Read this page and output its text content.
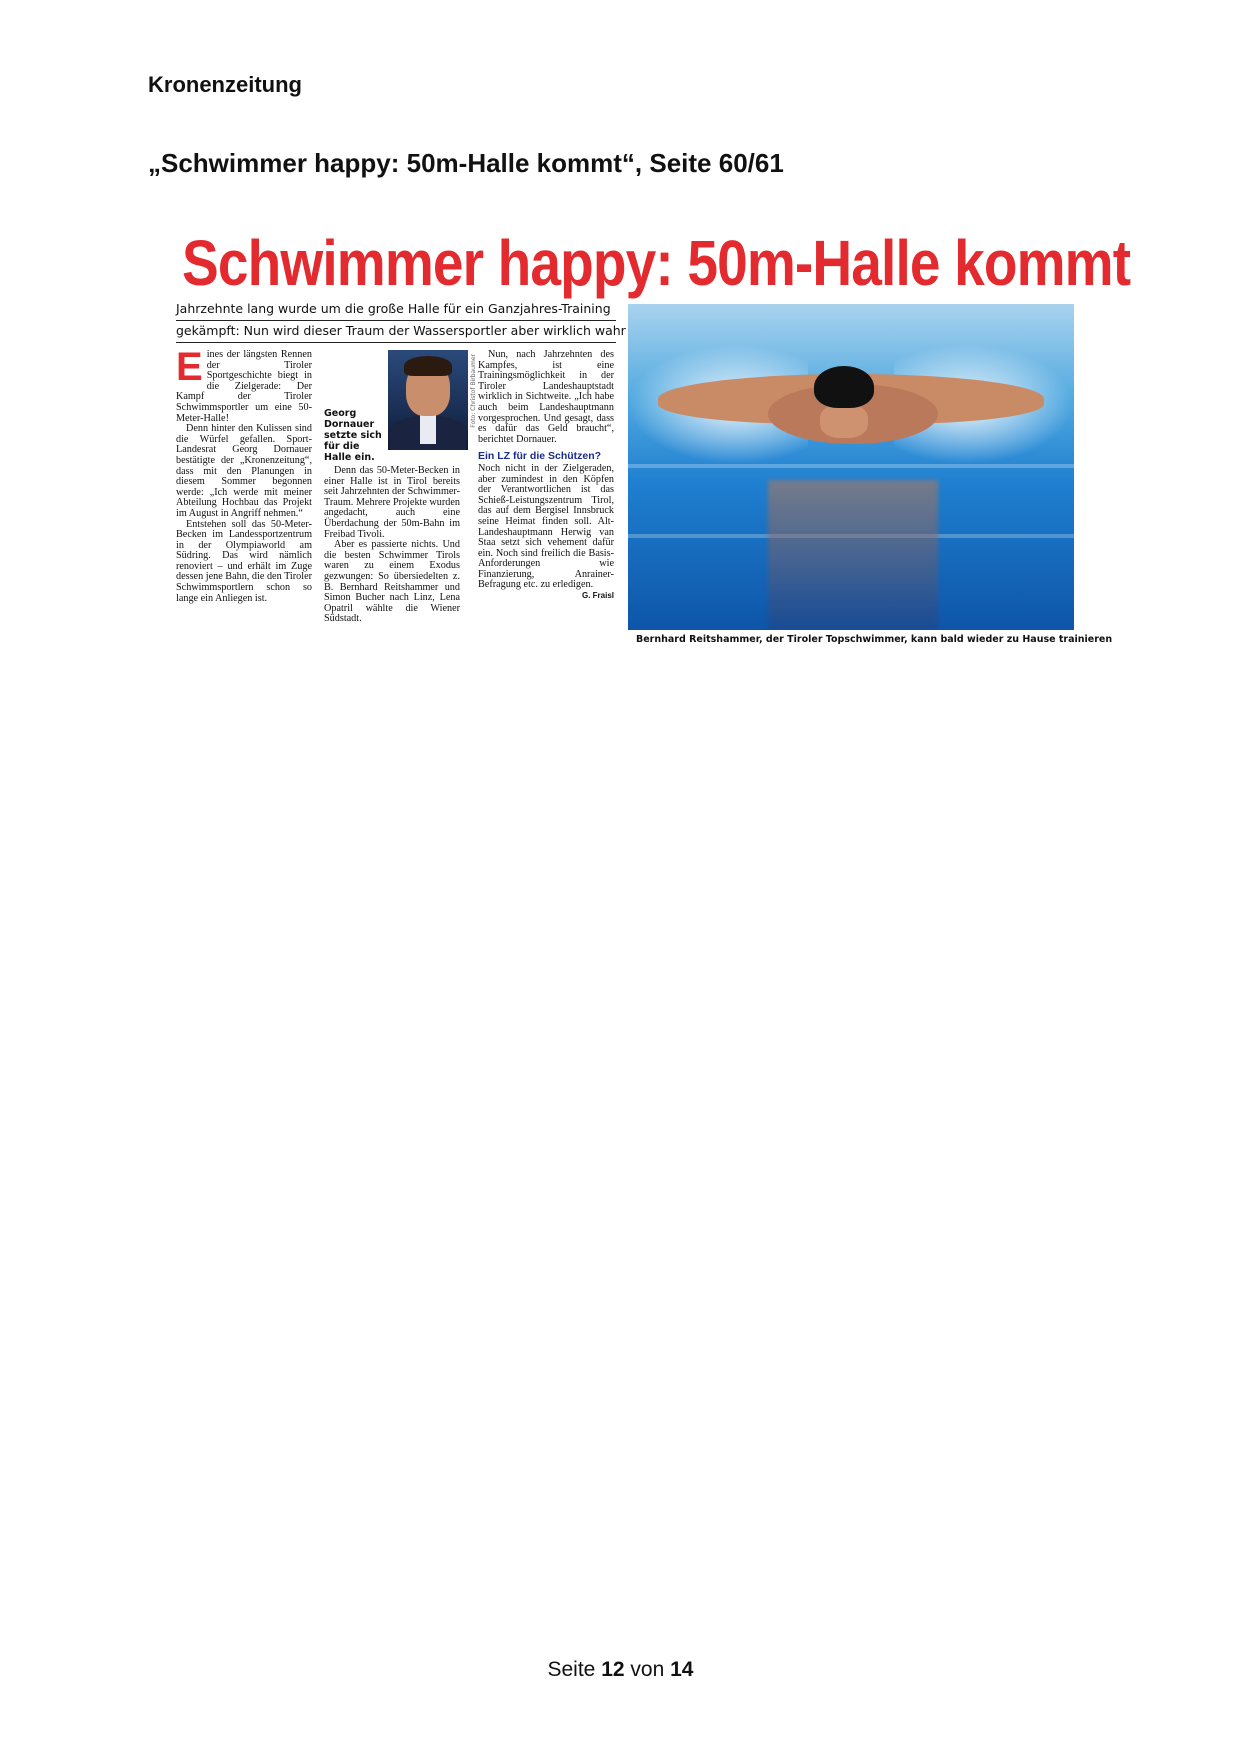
Kronenzeitung
„Schwimmer happy: 50m-Halle kommt“, Seite 60/61
Schwimmer happy: 50m-Halle kommt
Jahrzehnte lang wurde um die große Halle für ein Ganzjahres-Training
gekämpft: Nun wird dieser Traum der Wassersportler aber wirklich wahr

Eines der längsten Rennen der Tiroler Sportgeschichte biegt in die Zielgerade: Der Kampf der Tiroler Schwimmsportler um eine 50-Meter-Halle!

Denn hinter den Kulissen sind die Würfel gefallen. Sport-Landesrat Georg Dornauer bestätigte der „Kronenzeitung“, dass mit den Planungen in diesem Sommer begonnen werde: „Ich werde mit meiner Abteilung Hochbau das Projekt im August in Angriff nehmen.“

Entstehen soll das 50-Meter-Becken im Landessportzentrum in der Olympiaworld am Südring. Das wird nämlich renoviert – und erhält im Zuge dessen jene Bahn, die den Tiroler Schwimmsportlern schon so lange ein Anliegen ist.

Foto: Christof Birbaumer
Georg Dornauer setzte sich für die Halle ein.

Denn das 50-Meter-Becken in einer Halle ist in Tirol bereits seit Jahrzehnten der Schwimmer-Traum. Mehrere Projekte wurden angedacht, auch eine Überdachung der 50m-Bahn im Freibad Tivoli.

Aber es passierte nichts. Und die besten Schwimmer Tirols waren zu einem Exodus gezwungen: So übersiedelten z. B. Bernhard Reitshammer und Simon Bucher nach Linz, Lena Opatril wählte die Wiener Südstadt.

Nun, nach Jahrzehnten des Kampfes, ist eine Trainingsmöglichkeit in der Tiroler Landeshauptstadt wirklich in Sichtweite. „Ich habe auch beim Landeshauptmann vorgesprochen. Und gesagt, dass es dafür das Geld braucht“, berichtet Dornauer.

Ein LZ für die Schützen?

Noch nicht in der Zielgeraden, aber zumindest in den Köpfen der Verantwortlichen ist das Schieß-Leistungszentrum Tirol, das auf dem Bergisel Innsbruck seine Heimat finden soll. Alt-Landeshauptmann Herwig van Staa setzt sich vehement dafür ein. Noch sind freilich die Basis-Anforderungen wie Finanzierung, Anrainer-Befragung etc. zu erledigen.
G. Fraisl

Bernhard Reitshammer, der Tiroler Topschwimmer, kann bald wieder zu Hause trainieren
Seite 12 von 14
